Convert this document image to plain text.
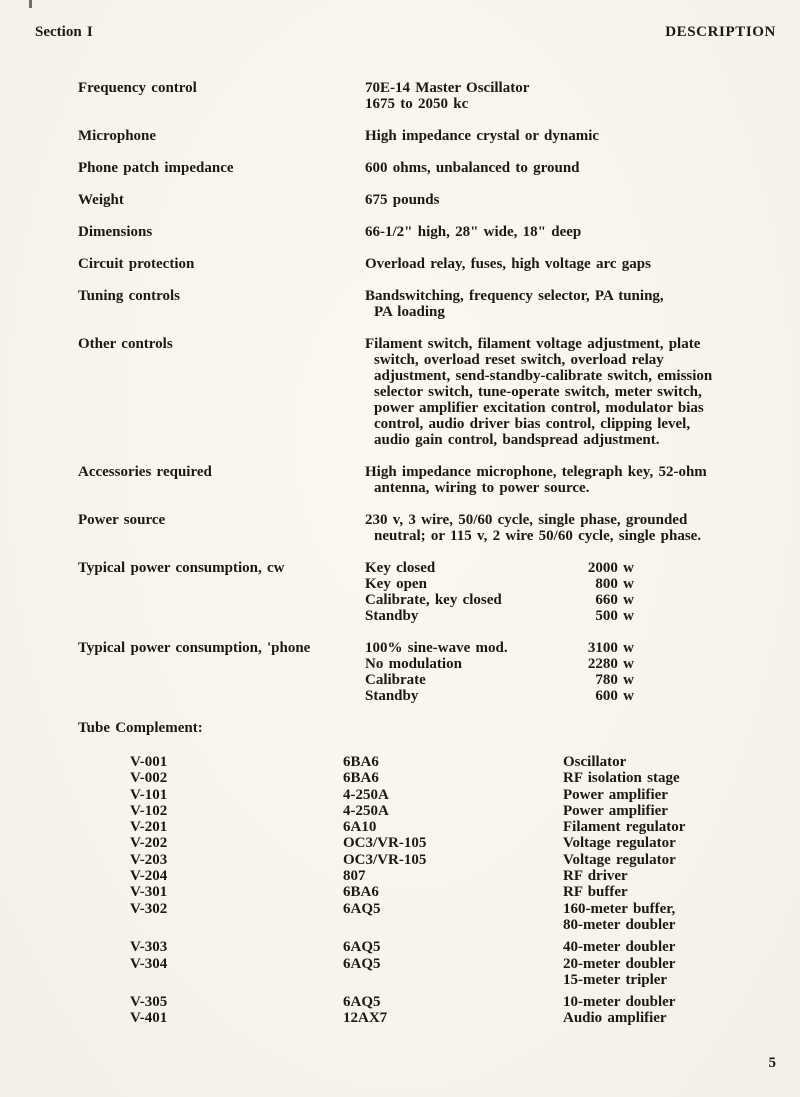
Section I	DESCRIPTION
Frequency control	70E-14 Master Oscillator
1675 to 2050 kc
Microphone	High impedance crystal or dynamic
Phone patch impedance	600 ohms, unbalanced to ground
Weight	675 pounds
Dimensions	66-1/2" high, 28" wide, 18" deep
Circuit protection	Overload relay, fuses, high voltage arc gaps
Tuning controls	Bandswitching, frequency selector, PA tuning,
PA loading
Other controls	Filament switch, filament voltage adjustment, plate
switch, overload reset switch, overload relay
adjustment, send-standby-calibrate switch, emission
selector switch, tune-operate switch, meter switch,
power amplifier excitation control, modulator bias
control, audio driver bias control, clipping level,
audio gain control, bandspread adjustment.
Accessories required	High impedance microphone, telegraph key, 52-ohm
antenna, wiring to power source.
Power source	230 v, 3 wire, 50/60 cycle, single phase, grounded
neutral; or 115 v, 2 wire 50/60 cycle, single phase.
Typical power consumption, cw	Key closed	2000 w
Key open	800 w
Calibrate, key closed	660 w
Standby	500 w
Typical power consumption, 'phone	100% sine-wave mod.	3100 w
No modulation	2280 w
Calibrate	780 w
Standby	600 w
Tube Complement:
V-001	6BA6	Oscillator
V-002	6BA6	RF isolation stage
V-101	4-250A	Power amplifier
V-102	4-250A	Power amplifier
V-201	6A10	Filament regulator
V-202	OC3/VR-105	Voltage regulator
V-203	OC3/VR-105	Voltage regulator
V-204	807	RF driver
V-301	6BA6	RF buffer
V-302	6AQ5	160-meter buffer,
80-meter doubler
V-303	6AQ5	40-meter doubler
V-304	6AQ5	20-meter doubler
15-meter tripler
V-305	6AQ5	10-meter doubler
V-401	12AX7	Audio amplifier
5
